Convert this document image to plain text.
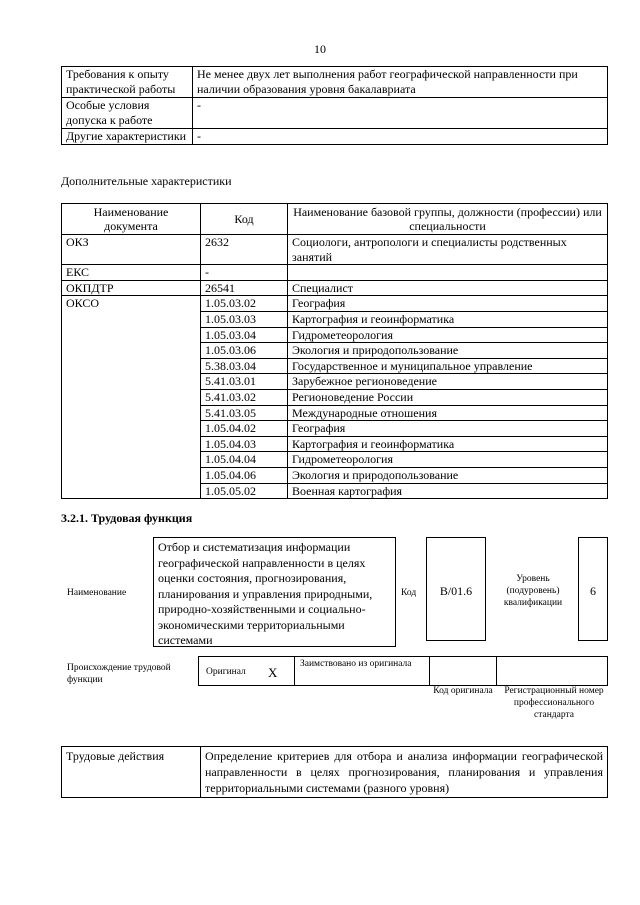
10
Требования к опыту практической работы	Не менее двух лет выполнения работ географической направленности при наличии образования уровня бакалавриата
Особые условия допуска к работе	-
Другие характеристики	-
Дополнительные характеристики
Наименование документа	Код	Наименование базовой группы, должности (профессии) или специальности
ОКЗ	2632	Социологи, антропологи и специалисты родственных занятий
ЕКС	-	
ОКПДТР	26541	Специалист
ОКСО	1.05.03.02	География
	1.05.03.03	Картография и геоинформатика
	1.05.03.04	Гидрометеорология
	1.05.03.06	Экология и природопользование
	5.38.03.04	Государственное и муниципальное управление
	5.41.03.01	Зарубежное регионоведение
	5.41.03.02	Регионоведение России
	5.41.03.05	Международные отношения
	1.05.04.02	География
	1.05.04.03	Картография и геоинформатика
	1.05.04.04	Гидрометеорология
	1.05.04.06	Экология и природопользование
	1.05.05.02	Военная картография
3.2.1. Трудовая функция
Наименование
Отбор и систематизация информации географической направленности в целях оценки состояния, прогнозирования, планирования и управления природными, природно-хозяйственными и социально-экономическими территориальными системами
Код	B/01.6
Уровень (подуровень) квалификации
6
Происхождение трудовой функции
Оригинал X
Заимствовано из оригинала
Код оригинала	Регистрационный номер профессионального стандарта
Трудовые действия	Определение критериев для отбора и анализа информации географической направленности в целях прогнозирования, планирования и управления территориальными системами (разного уровня)
